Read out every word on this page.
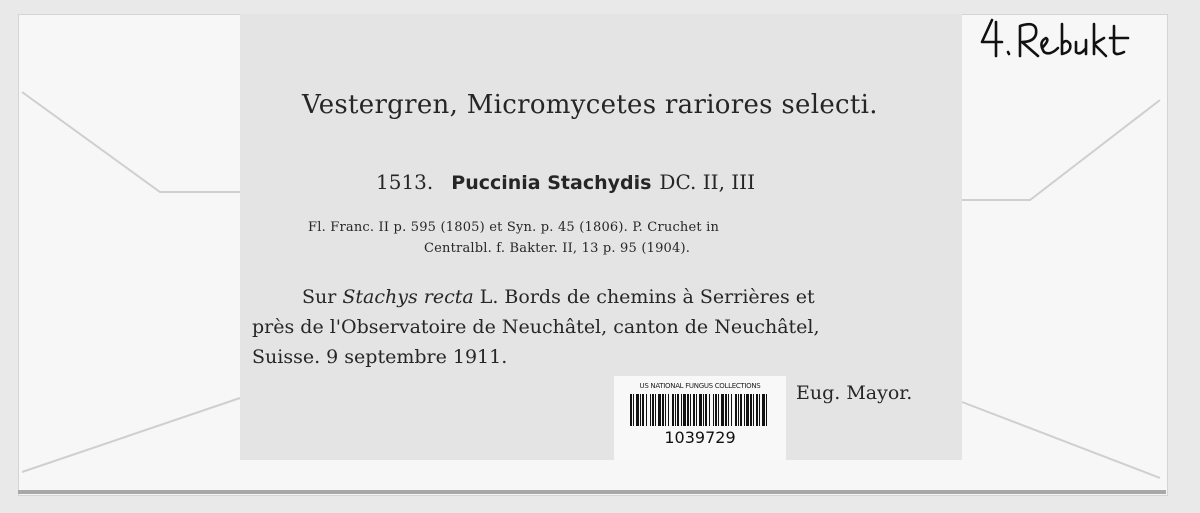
Vestergren, Micromycetes rariores selecti.
1513. Puccinia Stachydis DC. II, III
Fl. Franc. II p. 595 (1805) et Syn. p. 45 (1806). P. Cruchet in
Centralbl. f. Bakter. II, 13 p. 95 (1904).
Sur Stachys recta L. Bords de chemins à Serrières et
près de l'Observatoire de Neuchâtel, canton de Neuchâtel,
Suisse. 9 septembre 1911.
Eug. Mayor.
US NATIONAL FUNGUS COLLECTIONS
1039729
